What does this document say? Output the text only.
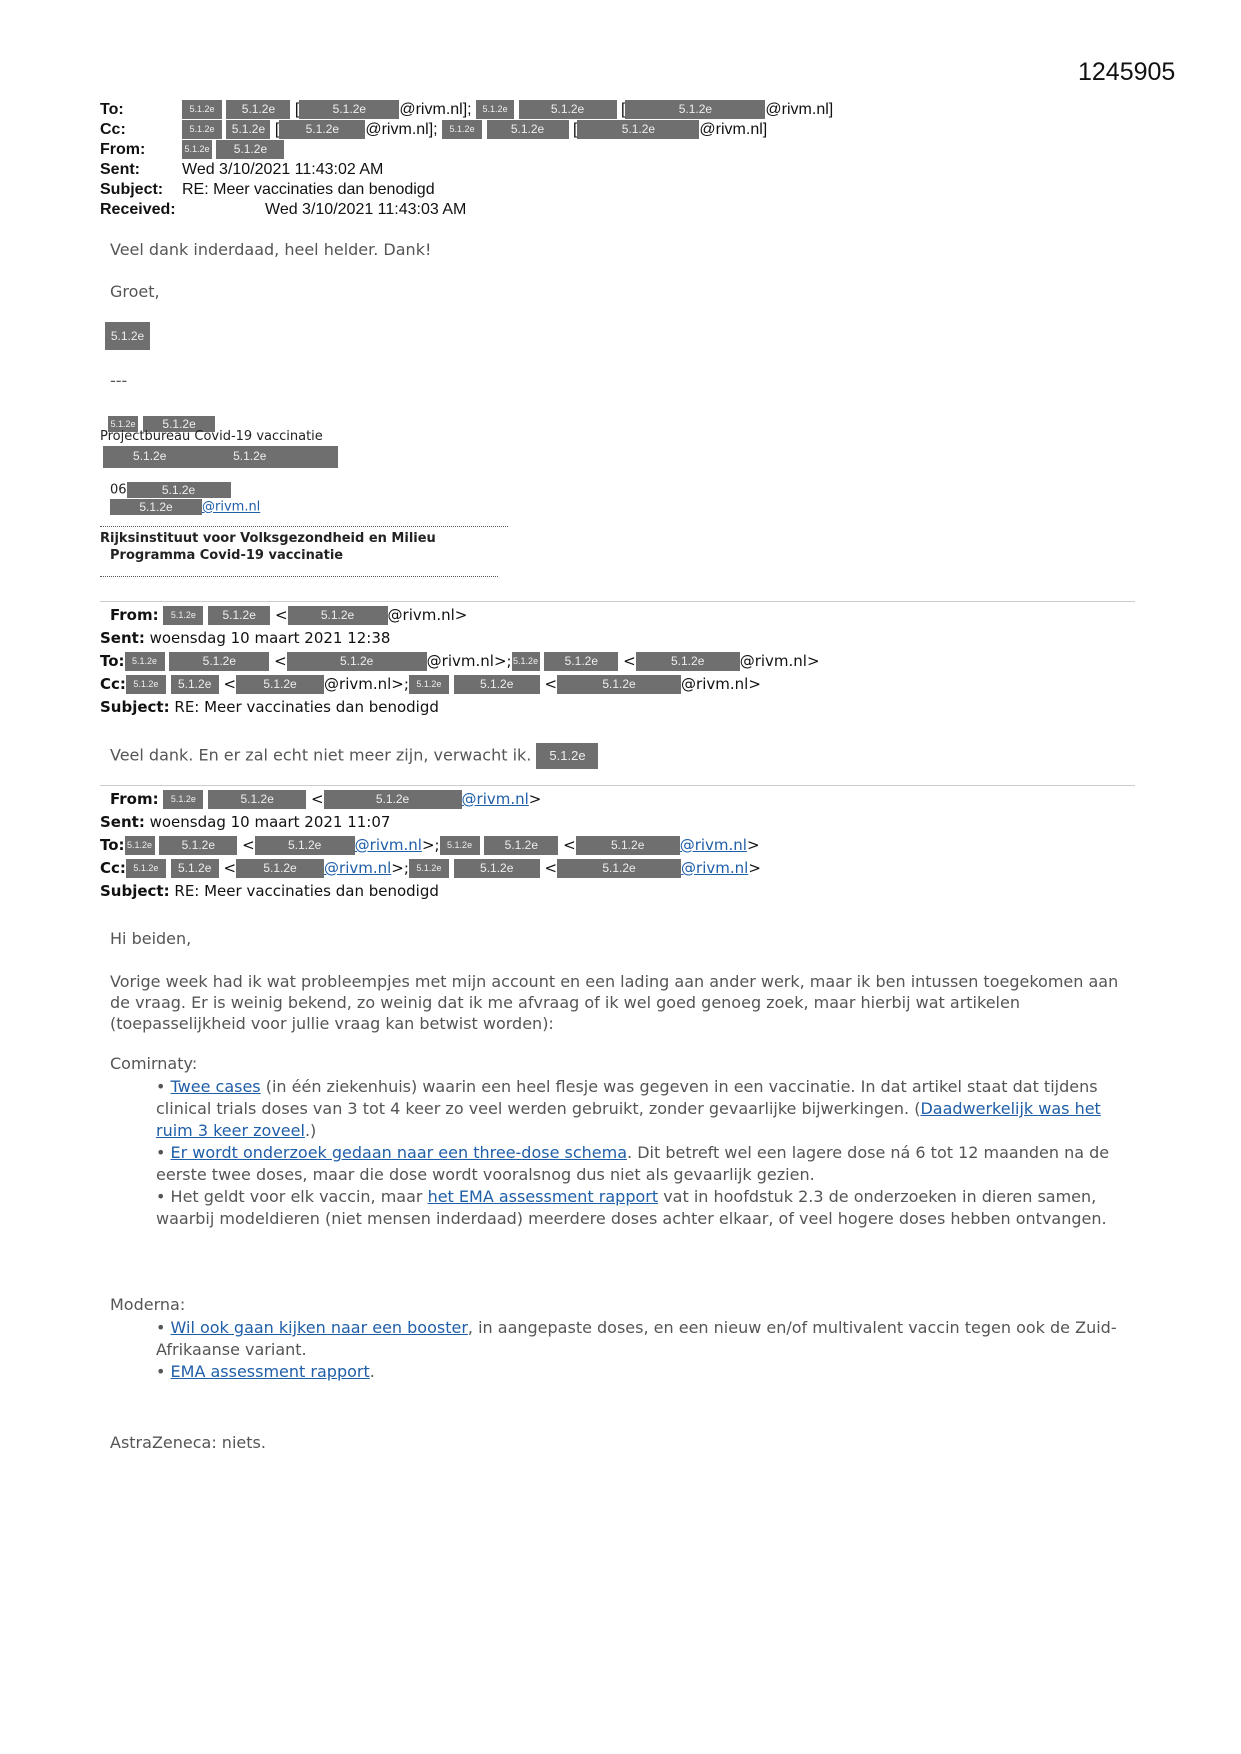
1245905
To:	5.1.2e 5.1.2e [	5.1.2e @rivm.nl]; 5.1.2e	5.1.2e [	5.1.2e	@rivm.nl]
Cc:	5.1.2e 5.1.2e [ 5.1.2e @rivm.nl]; 5.1.2e	5.1.2e [	5.1.2e	@rivm.nl]
From:	5.1.2e 5.1.2e
Sent:	Wed 3/10/2021 11:43:02 AM
Subject: RE: Meer vaccinaties dan benodigd
Received:	Wed 3/10/2021 11:43:03 AM
Veel dank inderdaad, heel helder. Dank!
Groet,
5.1.2e
---
5.1.2e 5.1.2e
Projectbureau Covid-19 vaccinatie
5.1.2e	5.1.2e
06	5.1.2e
5.1.2e @rivm.nl
Rijksinstituut voor Volksgezondheid en Milieu
Programma Covid-19 vaccinatie
From: 5.1.2e 5.1.2e <	5.1.2e @rivm.nl>
Sent: woensdag 10 maart 2021 12:38
To: 5.1.2e	5.1.2e <	5.1.2e	@rivm.nl>;5.1.2e 5.1.2e <	5.1.2e @rivm.nl>
Cc: 5.1.2e 5.1.2e < 5.1.2e @rivm.nl>; 5.1.2e	5.1.2e <	5.1.2e	@rivm.nl>
Subject: RE: Meer vaccinaties dan benodigd
Veel dank. En er zal echt niet meer zijn, verwacht ik. 5.1.2e
From: 5.1.2e	5.1.2e <	5.1.2e	@rivm.nl>
Sent: woensdag 10 maart 2021 11:07
To: 5.1.2e 5.1.2e <	5.1.2e @rivm.nl>; 5.1.2e	5.1.2e <	5.1.2e @rivm.nl>
Cc: 5.1.2e 5.1.2e < 5.1.2e @rivm.nl>; 5.1.2e	5.1.2e <	5.1.2e	@rivm.nl>
Subject: RE: Meer vaccinaties dan benodigd
Hi beiden,
Vorige week had ik wat probleempjes met mijn account en een lading aan ander werk, maar ik ben intussen toegekomen aan de vraag. Er is weinig bekend, zo weinig dat ik me afvraag of ik wel goed genoeg zoek, maar hierbij wat artikelen (toepasselijkheid voor jullie vraag kan betwist worden):
Comirnaty:
• Twee cases (in één ziekenhuis) waarin een heel flesje was gegeven in een vaccinatie. In dat artikel staat dat tijdens clinical trials doses van 3 tot 4 keer zo veel werden gebruikt, zonder gevaarlijke bijwerkingen. (Daadwerkelijk was het ruim 3 keer zoveel.)
• Er wordt onderzoek gedaan naar een three-dose schema. Dit betreft wel een lagere dose ná 6 tot 12 maanden na de eerste twee doses, maar die dose wordt vooralsnog dus niet als gevaarlijk gezien.
• Het geldt voor elk vaccin, maar het EMA assessment rapport vat in hoofdstuk 2.3 de onderzoeken in dieren samen, waarbij modeldieren (niet mensen inderdaad) meerdere doses achter elkaar, of veel hogere doses hebben ontvangen.
Moderna:
• Wil ook gaan kijken naar een booster, in aangepaste doses, en een nieuw en/of multivalent vaccin tegen ook de Zuid-Afrikaanse variant.
• EMA assessment rapport.
AstraZeneca: niets.
